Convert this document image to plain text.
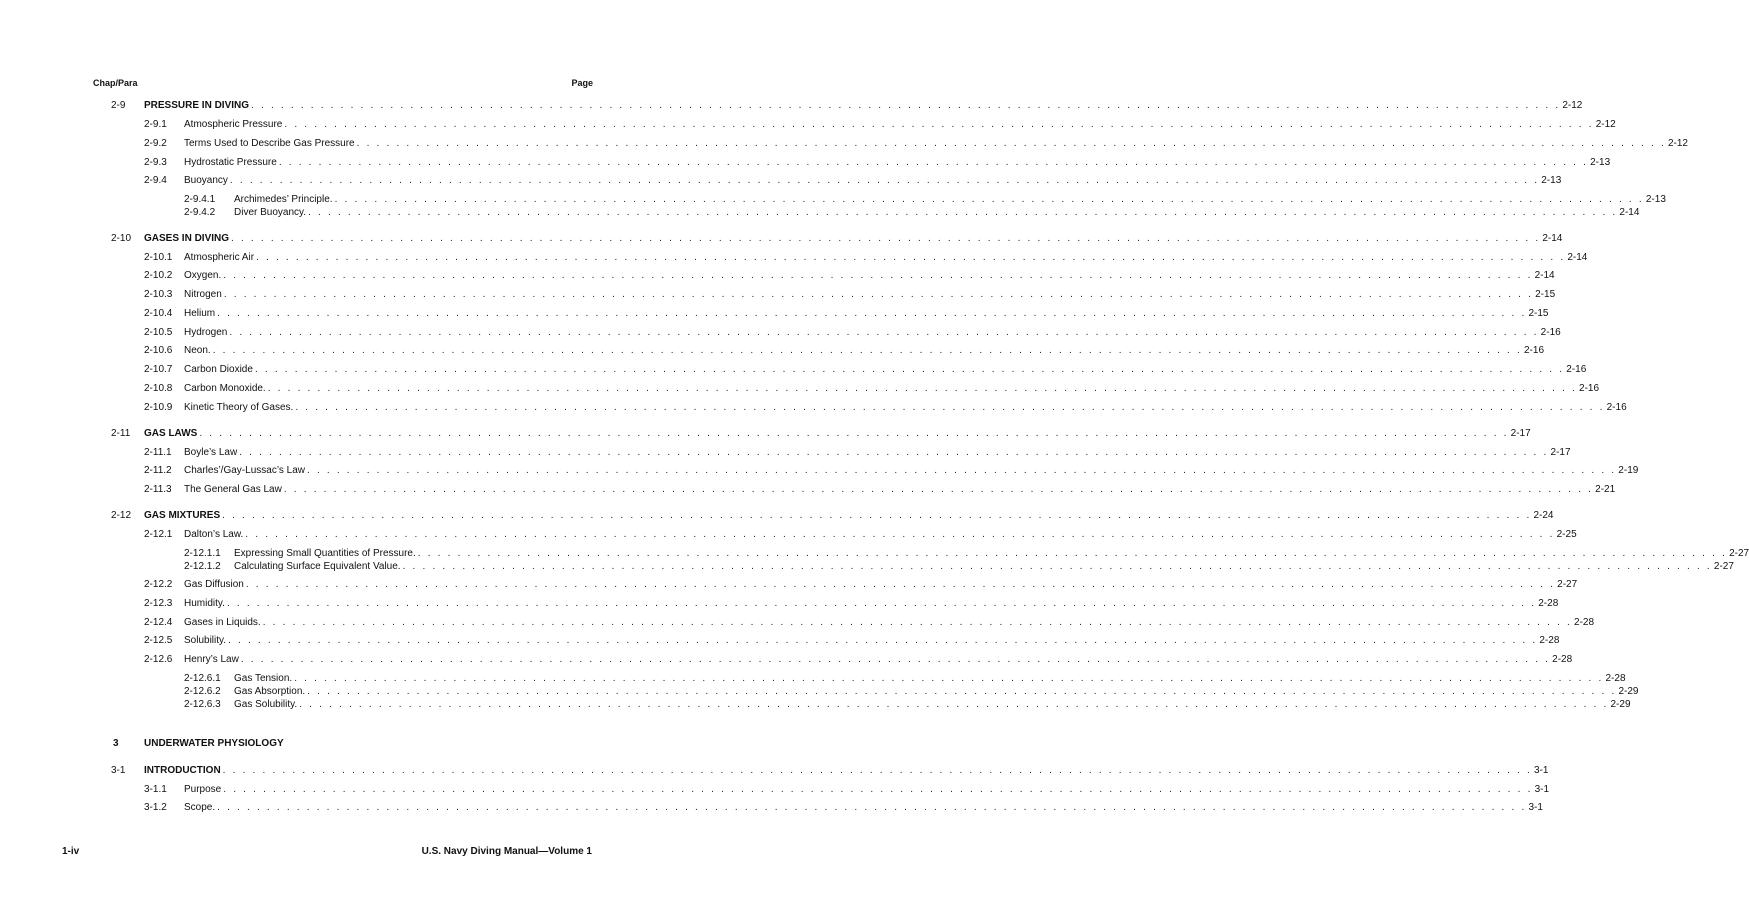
Chap/Para	Page
2-9	PRESSURE IN DIVING . . . . . . . . . . . . . . . . . . . . . . . . . . . . . . . . . . . . . . . . . . . . . . . . . . . . . . . . . . . . . . . . . . . . . . . . . . . . . . . . . . . . . . . . . . . . . . . . . . . . . . . . . . . . . . . . . . . . . . . . . . . . . . . . . . . . 2-12
2-9.1	Atmospheric Pressure . . . . . . . . . . . . . . . . . . . . . . . . . . . . . . . . . . . . . . . . . . . . . . . . . . . . . . . . . . . . . . . . . . . . . . . . . . . . . . . . . . . . . . . . . . . . . . . . . . . . . . . . . . . . . . . . . . . . . . . . . . . . . . . . . . . . 2-12
2-9.2	Terms Used to Describe Gas Pressure . . . . . . . . . . . . . . . . . . . . . . . . . . . . . . . . . . . . . . . . . . . . . . . . . . . . . . . . . . . . . . . . . . . . . . . . . . . . . . . . . . . . . . . . . . . . . . . . . . . . . . . . . . . . . . . . . . . . . . . . . . . . . . . . . . . . 2-12
2-9.3	Hydrostatic Pressure . . . . . . . . . . . . . . . . . . . . . . . . . . . . . . . . . . . . . . . . . . . . . . . . . . . . . . . . . . . . . . . . . . . . . . . . . . . . . . . . . . . . . . . . . . . . . . . . . . . . . . . . . . . . . . . . . . . . . . . . . . . . . . . . . . . . 2-13
2-9.4	Buoyancy . . . . . . . . . . . . . . . . . . . . . . . . . . . . . . . . . . . . . . . . . . . . . . . . . . . . . . . . . . . . . . . . . . . . . . . . . . . . . . . . . . . . . . . . . . . . . . . . . . . . . . . . . . . . . . . . . . . . . . . . . . . . . . . . . . . . 2-13
2-9.4.1	Archimedes’ Principle. . . . . . . . . . . . . . . . . . . . . . . . . . . . . . . . . . . . . . . . . . . . . . . . . . . . . . . . . . . . . . . . . . . . . . . . . . . . . . . . . . . . . . . . . . . . . . . . . . . . . . . . . . . . . . . . . . . . . . . . . . . . . . . . . . . . . 2-13
2-9.4.2	Diver Buoyancy. . . . . . . . . . . . . . . . . . . . . . . . . . . . . . . . . . . . . . . . . . . . . . . . . . . . . . . . . . . . . . . . . . . . . . . . . . . . . . . . . . . . . . . . . . . . . . . . . . . . . . . . . . . . . . . . . . . . . . . . . . . . . . . . . . . . . 2-14
2-10	GASES IN DIVING . . . . . . . . . . . . . . . . . . . . . . . . . . . . . . . . . . . . . . . . . . . . . . . . . . . . . . . . . . . . . . . . . . . . . . . . . . . . . . . . . . . . . . . . . . . . . . . . . . . . . . . . . . . . . . . . . . . . . . . . . . . . . . . . . . . . 2-14
2-10.1	Atmospheric Air . . . . . . . . . . . . . . . . . . . . . . . . . . . . . . . . . . . . . . . . . . . . . . . . . . . . . . . . . . . . . . . . . . . . . . . . . . . . . . . . . . . . . . . . . . . . . . . . . . . . . . . . . . . . . . . . . . . . . . . . . . . . . . . . . . . . 2-14
2-10.2	Oxygen. . . . . . . . . . . . . . . . . . . . . . . . . . . . . . . . . . . . . . . . . . . . . . . . . . . . . . . . . . . . . . . . . . . . . . . . . . . . . . . . . . . . . . . . . . . . . . . . . . . . . . . . . . . . . . . . . . . . . . . . . . . . . . . . . . . . . 2-14
2-10.3	Nitrogen . . . . . . . . . . . . . . . . . . . . . . . . . . . . . . . . . . . . . . . . . . . . . . . . . . . . . . . . . . . . . . . . . . . . . . . . . . . . . . . . . . . . . . . . . . . . . . . . . . . . . . . . . . . . . . . . . . . . . . . . . . . . . . . . . . . . 2-15
2-10.4	Helium . . . . . . . . . . . . . . . . . . . . . . . . . . . . . . . . . . . . . . . . . . . . . . . . . . . . . . . . . . . . . . . . . . . . . . . . . . . . . . . . . . . . . . . . . . . . . . . . . . . . . . . . . . . . . . . . . . . . . . . . . . . . . . . . . . . . 2-15
2-10.5	Hydrogen . . . . . . . . . . . . . . . . . . . . . . . . . . . . . . . . . . . . . . . . . . . . . . . . . . . . . . . . . . . . . . . . . . . . . . . . . . . . . . . . . . . . . . . . . . . . . . . . . . . . . . . . . . . . . . . . . . . . . . . . . . . . . . . . . . . . 2-16
2-10.6	Neon. . . . . . . . . . . . . . . . . . . . . . . . . . . . . . . . . . . . . . . . . . . . . . . . . . . . . . . . . . . . . . . . . . . . . . . . . . . . . . . . . . . . . . . . . . . . . . . . . . . . . . . . . . . . . . . . . . . . . . . . . . . . . . . . . . . . . 2-16
2-10.7	Carbon Dioxide . . . . . . . . . . . . . . . . . . . . . . . . . . . . . . . . . . . . . . . . . . . . . . . . . . . . . . . . . . . . . . . . . . . . . . . . . . . . . . . . . . . . . . . . . . . . . . . . . . . . . . . . . . . . . . . . . . . . . . . . . . . . . . . . . . . . 2-16
2-10.8	Carbon Monoxide. . . . . . . . . . . . . . . . . . . . . . . . . . . . . . . . . . . . . . . . . . . . . . . . . . . . . . . . . . . . . . . . . . . . . . . . . . . . . . . . . . . . . . . . . . . . . . . . . . . . . . . . . . . . . . . . . . . . . . . . . . . . . . . . . . . . . 2-16
2-10.9	Kinetic Theory of Gases. . . . . . . . . . . . . . . . . . . . . . . . . . . . . . . . . . . . . . . . . . . . . . . . . . . . . . . . . . . . . . . . . . . . . . . . . . . . . . . . . . . . . . . . . . . . . . . . . . . . . . . . . . . . . . . . . . . . . . . . . . . . . . . . . . . . . 2-16
2-11	GAS LAWS . . . . . . . . . . . . . . . . . . . . . . . . . . . . . . . . . . . . . . . . . . . . . . . . . . . . . . . . . . . . . . . . . . . . . . . . . . . . . . . . . . . . . . . . . . . . . . . . . . . . . . . . . . . . . . . . . . . . . . . . . . . . . . . . . . . . 2-17
2-11.1	Boyle’s Law . . . . . . . . . . . . . . . . . . . . . . . . . . . . . . . . . . . . . . . . . . . . . . . . . . . . . . . . . . . . . . . . . . . . . . . . . . . . . . . . . . . . . . . . . . . . . . . . . . . . . . . . . . . . . . . . . . . . . . . . . . . . . . . . . . . . 2-17
2-11.2	Charles’/Gay-Lussac’s Law . . . . . . . . . . . . . . . . . . . . . . . . . . . . . . . . . . . . . . . . . . . . . . . . . . . . . . . . . . . . . . . . . . . . . . . . . . . . . . . . . . . . . . . . . . . . . . . . . . . . . . . . . . . . . . . . . . . . . . . . . . . . . . . . . . . . 2-19
2-11.3	The General Gas Law . . . . . . . . . . . . . . . . . . . . . . . . . . . . . . . . . . . . . . . . . . . . . . . . . . . . . . . . . . . . . . . . . . . . . . . . . . . . . . . . . . . . . . . . . . . . . . . . . . . . . . . . . . . . . . . . . . . . . . . . . . . . . . . . . . . . 2-21
2-12	GAS MIXTURES . . . . . . . . . . . . . . . . . . . . . . . . . . . . . . . . . . . . . . . . . . . . . . . . . . . . . . . . . . . . . . . . . . . . . . . . . . . . . . . . . . . . . . . . . . . . . . . . . . . . . . . . . . . . . . . . . . . . . . . . . . . . . . . . . . . . 2-24
2-12.1	Dalton’s Law. . . . . . . . . . . . . . . . . . . . . . . . . . . . . . . . . . . . . . . . . . . . . . . . . . . . . . . . . . . . . . . . . . . . . . . . . . . . . . . . . . . . . . . . . . . . . . . . . . . . . . . . . . . . . . . . . . . . . . . . . . . . . . . . . . . . . 2-25
2-12.1.1	Expressing Small Quantities of Pressure. . . . . . . . . . . . . . . . . . . . . . . . . . . . . . . . . . . . . . . . . . . . . . . . . . . . . . . . . . . . . . . . . . . . . . . . . . . . . . . . . . . . . . . . . . . . . . . . . . . . . . . . . . . . . . . . . . . . . . . . . . . . . . . . . . . . . 2-27
2-12.1.2	Calculating Surface Equivalent Value. . . . . . . . . . . . . . . . . . . . . . . . . . . . . . . . . . . . . . . . . . . . . . . . . . . . . . . . . . . . . . . . . . . . . . . . . . . . . . . . . . . . . . . . . . . . . . . . . . . . . . . . . . . . . . . . . . . . . . . . . . . . . . . . . . . . . 2-27
2-12.2	Gas Diffusion . . . . . . . . . . . . . . . . . . . . . . . . . . . . . . . . . . . . . . . . . . . . . . . . . . . . . . . . . . . . . . . . . . . . . . . . . . . . . . . . . . . . . . . . . . . . . . . . . . . . . . . . . . . . . . . . . . . . . . . . . . . . . . . . . . . . 2-27
2-12.3	Humidity. . . . . . . . . . . . . . . . . . . . . . . . . . . . . . . . . . . . . . . . . . . . . . . . . . . . . . . . . . . . . . . . . . . . . . . . . . . . . . . . . . . . . . . . . . . . . . . . . . . . . . . . . . . . . . . . . . . . . . . . . . . . . . . . . . . . . 2-28
2-12.4	Gases in Liquids. . . . . . . . . . . . . . . . . . . . . . . . . . . . . . . . . . . . . . . . . . . . . . . . . . . . . . . . . . . . . . . . . . . . . . . . . . . . . . . . . . . . . . . . . . . . . . . . . . . . . . . . . . . . . . . . . . . . . . . . . . . . . . . . . . . . . 2-28
2-12.5	Solubility. . . . . . . . . . . . . . . . . . . . . . . . . . . . . . . . . . . . . . . . . . . . . . . . . . . . . . . . . . . . . . . . . . . . . . . . . . . . . . . . . . . . . . . . . . . . . . . . . . . . . . . . . . . . . . . . . . . . . . . . . . . . . . . . . . . . . 2-28
2-12.6	Henry’s Law . . . . . . . . . . . . . . . . . . . . . . . . . . . . . . . . . . . . . . . . . . . . . . . . . . . . . . . . . . . . . . . . . . . . . . . . . . . . . . . . . . . . . . . . . . . . . . . . . . . . . . . . . . . . . . . . . . . . . . . . . . . . . . . . . . . . 2-28
2-12.6.1	Gas Tension. . . . . . . . . . . . . . . . . . . . . . . . . . . . . . . . . . . . . . . . . . . . . . . . . . . . . . . . . . . . . . . . . . . . . . . . . . . . . . . . . . . . . . . . . . . . . . . . . . . . . . . . . . . . . . . . . . . . . . . . . . . . . . . . . . . . . 2-28
2-12.6.2	Gas Absorption. . . . . . . . . . . . . . . . . . . . . . . . . . . . . . . . . . . . . . . . . . . . . . . . . . . . . . . . . . . . . . . . . . . . . . . . . . . . . . . . . . . . . . . . . . . . . . . . . . . . . . . . . . . . . . . . . . . . . . . . . . . . . . . . . . . . . 2-29
2-12.6.3	Gas Solubility. . . . . . . . . . . . . . . . . . . . . . . . . . . . . . . . . . . . . . . . . . . . . . . . . . . . . . . . . . . . . . . . . . . . . . . . . . . . . . . . . . . . . . . . . . . . . . . . . . . . . . . . . . . . . . . . . . . . . . . . . . . . . . . . . . . . . 2-29
3-1	INTRODUCTION . . . . . . . . . . . . . . . . . . . . . . . . . . . . . . . . . . . . . . . . . . . . . . . . . . . . . . . . . . . . . . . . . . . . . . . . . . . . . . . . . . . . . . . . . . . . . . . . . . . . . . . . . . . . . . . . . . . . . . . . . . . . . . . . . . . . 3-1
3-1.1	Purpose . . . . . . . . . . . . . . . . . . . . . . . . . . . . . . . . . . . . . . . . . . . . . . . . . . . . . . . . . . . . . . . . . . . . . . . . . . . . . . . . . . . . . . . . . . . . . . . . . . . . . . . . . . . . . . . . . . . . . . . . . . . . . . . . . . . . 3-1
3-1.2	Scope. . . . . . . . . . . . . . . . . . . . . . . . . . . . . . . . . . . . . . . . . . . . . . . . . . . . . . . . . . . . . . . . . . . . . . . . . . . . . . . . . . . . . . . . . . . . . . . . . . . . . . . . . . . . . . . . . . . . . . . . . . . . . . . . . . . . . 3-1
3	UNDERWATER PHYSIOLOGY
1-iv	U.S. Navy Diving Manual—Volume 1
